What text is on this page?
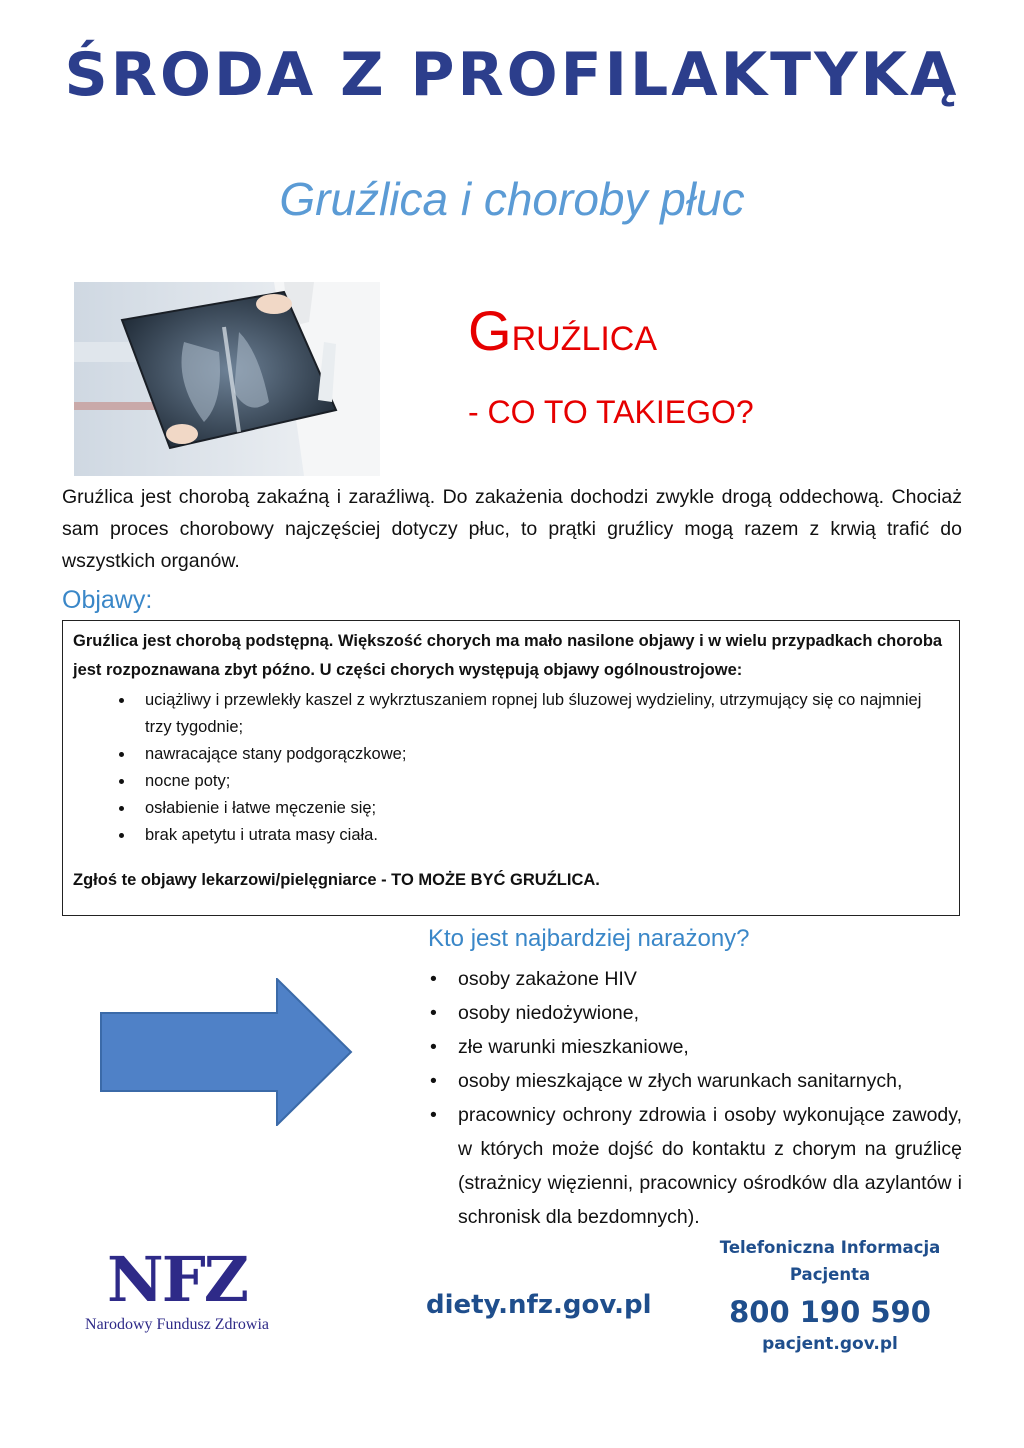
ŚRODA Z PROFILAKTYKĄ
Gruźlica i choroby płuc
GRUŹLICA
- CO TO TAKIEGO?
Gruźlica jest chorobą zakaźną i zaraźliwą. Do zakażenia dochodzi zwykle drogą oddechową. Chociaż sam proces chorobowy najczęściej dotyczy płuc, to prątki gruźlicy mogą razem z krwią trafić do wszystkich organów.
Objawy:
Gruźlica jest chorobą podstępną. Większość chorych ma mało nasilone objawy i w wielu przypadkach choroba jest rozpoznawana zbyt późno. U części chorych występują objawy ogólnoustrojowe:
• uciążliwy i przewlekły kaszel z wykrztuszaniem ropnej lub śluzowej wydzieliny, utrzymujący się co najmniej trzy tygodnie;
• nawracające stany podgorączkowe;
• nocne poty;
• osłabienie i łatwe męczenie się;
• brak apetytu i utrata masy ciała.
Zgłoś te objawy lekarzowi/pielęgniarce - TO MOŻE BYĆ GRUŹLICA.
Kto jest najbardziej narażony?
• osoby zakażone HIV
• osoby niedożywione,
• złe warunki mieszkaniowe,
• osoby mieszkające w złych warunkach sanitarnych,
• pracownicy ochrony zdrowia i osoby wykonujące zawody, w których może dojść do kontaktu z chorym na gruźlicę (strażnicy więzienni, pracownicy ośrodków dla azylantów i schronisk dla bezdomnych).
NFZ
Narodowy Fundusz Zdrowia
diety.nfz.gov.pl
Telefoniczna Informacja
Pacjenta
800 190 590
pacjent.gov.pl
